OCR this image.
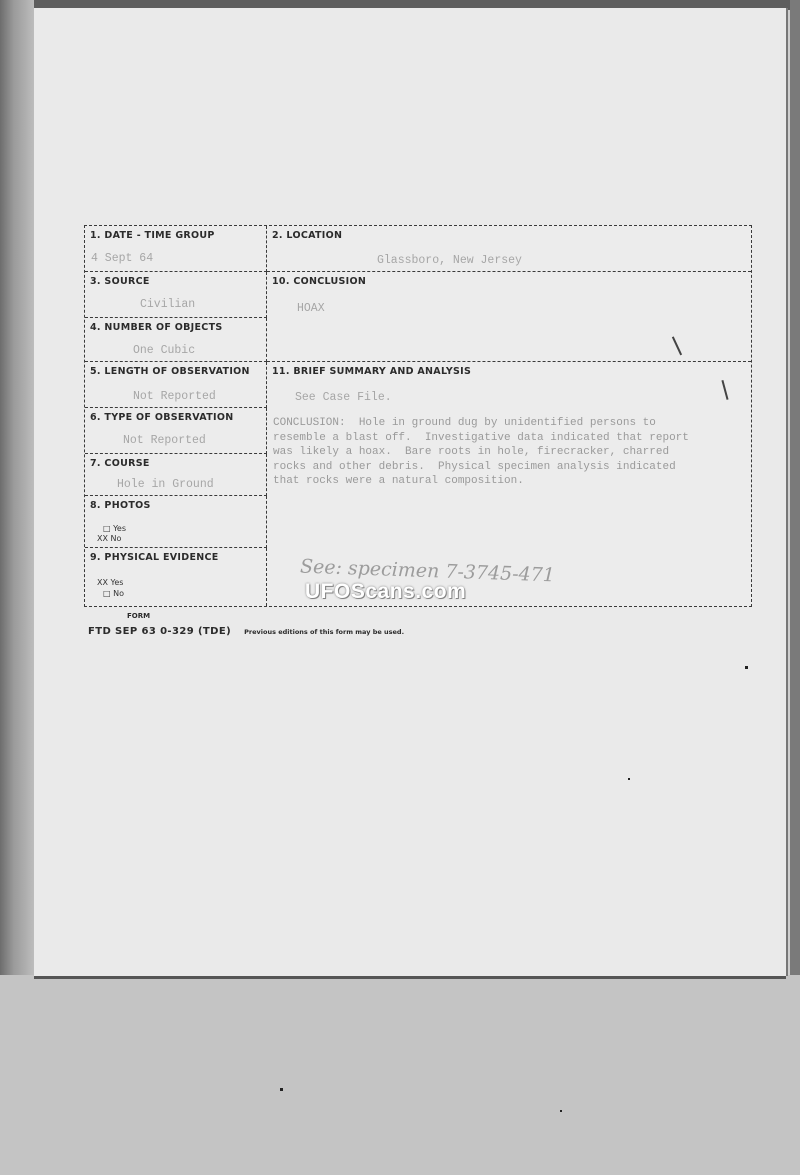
1. DATE - TIME GROUP
4 Sept 64
3. SOURCE
Civilian
4. NUMBER OF OBJECTS
One Cubic
5. LENGTH OF OBSERVATION
Not Reported
6. TYPE OF OBSERVATION
Not Reported
7. COURSE
Hole in Ground
8. PHOTOS
□ Yes
XX No
9. PHYSICAL EVIDENCE
XX Yes
□ No
2. LOCATION
Glassboro, New Jersey
10. CONCLUSION
HOAX
11. BRIEF SUMMARY AND ANALYSIS
See Case File.
CONCLUSION:  Hole in ground dug by unidentified persons to
resemble a blast off.  Investigative data indicated that report
was likely a hoax.  Bare roots in hole, firecracker, charred
rocks and other debris.  Physical specimen analysis indicated
that rocks were a natural composition.
See: specimen 7-3745-471
UFOScans.com
FORM
FTD SEP 63 0-329 (TDE) Previous editions of this form may be used.
